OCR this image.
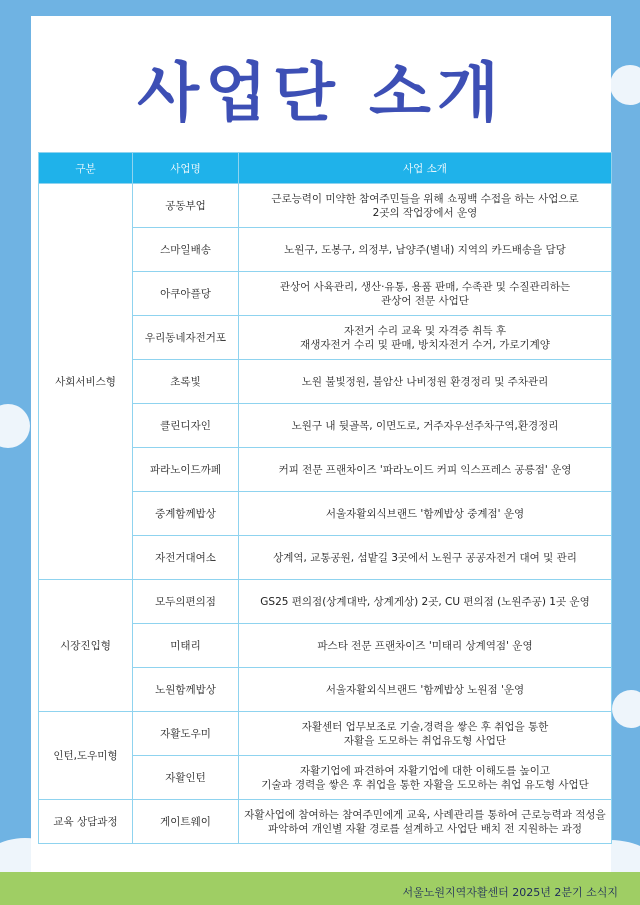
사업단 소개
구분	사업명	사업 소개
사회서비스형	공동부업	근로능력이 미약한 참여주민들을 위해 쇼핑백 수접을 하는 사업으로
2곳의 작업장에서 운영

	스마일배송	노원구, 도봉구, 의정부, 남양주(별내) 지역의 카드배송을 담당

	아쿠아플당	관상어 사육관리, 생산·유통, 용품 판매, 수족관 및 수질관리하는
관상어 전문 사업단

	우리동네자전거포	자전거 수리 교육 및 자격증 취득 후
재생자전거 수리 및 판매, 방치자전거 수거, 가로기계양

	초록빛	노원 불빛정원, 불암산 나비정원 환경정리 및 주차관리

	클린디자인	노원구 내 뒷골목, 이면도로, 거주자우선주차구역,환경정리

	파라노이드까페	커피 전문 프랜차이즈 '파라노이드 커피 익스프레스 공릉점' 운영

	중계함께밥상	서울자활외식브랜드 '함께밥상 중계점' 운영

	자전거대여소	상계역, 교통공원, 섬밭길 3곳에서 노원구 공공자전거 대여 및 관리

시장진입형	모두의편의점	GS25 편의점(상계대박, 상계게상) 2곳, CU 편의점 (노원주공) 1곳 운영

	미태리	파스타 전문 프랜차이즈 '미태리 상계역점' 운영

	노원함께밥상	서울자활외식브랜드 '함께밥상 노원점 '운영

인턴,도우미형	자활도우미	자활센터 업무보조로 기술,경력을 쌓은 후 취업을 통한
자활을 도모하는 취업유도형 사업단

	자활인턴	자활기업에 파견하여 자활기업에 대한 이해도를 높이고
기술과 경력을 쌓은 후 취업을 통한 자활을 도모하는 취업 유도형 사업단

교육 상담과정	게이트웨이	자활사업에 참여하는 참여주민에게 교육, 사례관리를 통하여 근로능력과 적성을
파악하여 개인별 자활 경로를 설계하고 사업단 배치 전 지원하는 과정
서울노원지역자활센터 2025년 2분기 소식지
